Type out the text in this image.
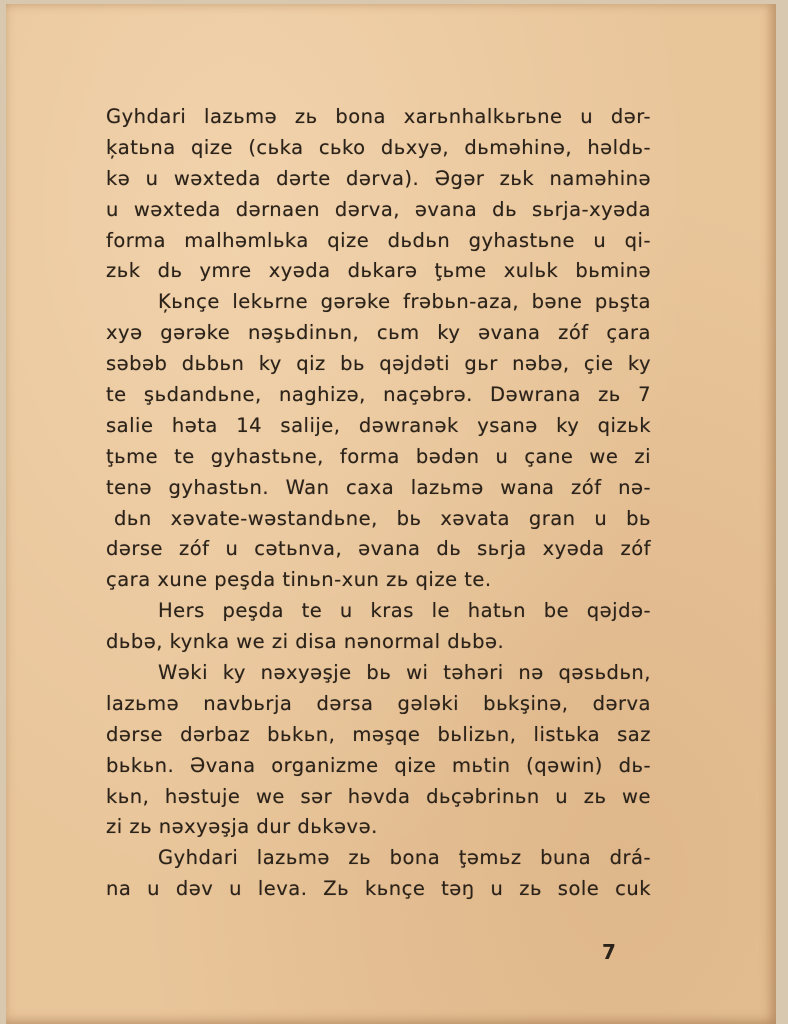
Gyhdari lazьmə zь bona xarьnhalkьrьne u dər-
ķatьna qize (cьka cьko dьxyə, dьməhinə, həldь-
kə u wəxteda dərte dərva). Əgər zьk naməhinə
u wəxteda dərnaen dərva, əvana dь sьrja-xyəda
forma malhəmlьka qize dьdьn gyhastьne u qi-
zьk dь ymre xyəda dьkarə ţьme xulьk bьminə
Ķьnçe lekьrne gərəke frəbьn-aza, bəne pьşta
xyə gərəke nəşьdinьn, cьm ky əvana zóf çara
səbəb dьbьn ky qiz bь qəjdəti gьr nəbə, çie ky
te şьdandьne, naghizə, naçəbrə. Dəwrana zь 7
salie həta 14 salije, dəwranək ysanə ky qizьk
ţьme te gyhastьne, forma bədən u çane we zi
tenə gyhastьn. Wan caxa lazьmə wana zóf nə-
dьn xəvate-wəstandьne, bь xəvata gran u bь
dərse zóf u cətьnva, əvana dь sьrja xyəda zóf
çara xune peşda tinьn-xun zь qize te.
Hers peşda te u kras le hatьn be qəjdə-
dьbə, kynka we zi disa nənormal dьbə.
Wəki ky nəxyəşje bь wi təhəri nə qəsьdьn,
lazьmə navbьrja dərsa gələki bьkşinə, dərva
dərse dərbaz bьkьn, məşqe bьlizьn, listьka saz
bьkьn. Əvana organizme qize mьtin (qəwin) dь-
kьn, həstuje we sər həvda dьçəbrinьn u zь we
zi zь nəxyəşja dur dьkəvə.
Gyhdari lazьmə zь bona ţəmьz buna drá-
na u dəv u leva. Zь kьnçe təŋ u zь sole cuk
7
